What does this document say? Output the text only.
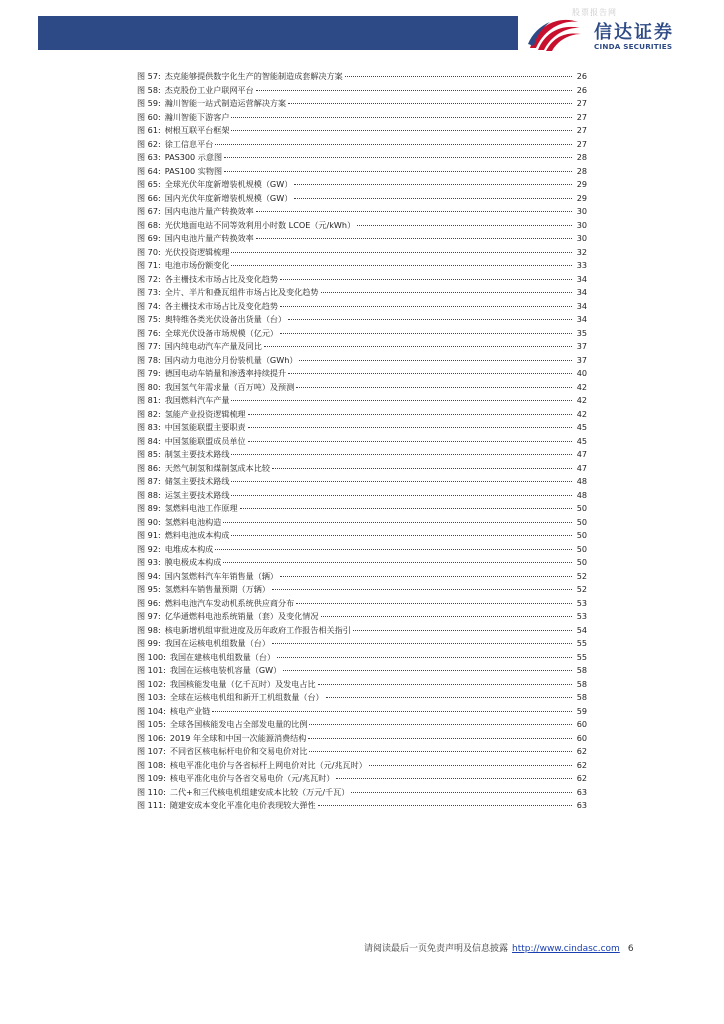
股票报告网
信达证券
CINDA SECURITIES
图 57: 杰克能够提供数字化生产的智能制造成套解决方案	26
图 58: 杰克股份工业户联网平台	26
图 59: 瀚川智能一站式制造运营解决方案	27
图 60: 瀚川智能下游客户	27
图 61: 树根互联平台框架	27
图 62: 徐工信息平台	27
图 63: PAS300 示意图	28
图 64: PAS100 实物图	28
图 65: 全球光伏年度新增装机规模（GW）	29
图 66: 国内光伏年度新增装机规模（GW）	29
图 67: 国内电池片量产转换效率	30
图 68: 光伏地面电站不同等效利用小时数 LCOE（元/kWh）	30
图 69: 国内电池片量产转换效率	30
图 70: 光伏投资逻辑梳理	32
图 71: 电池市场份额变化	33
图 72: 各主栅技术市场占比及变化趋势	34
图 73: 全片、半片和叠瓦组件市场占比及变化趋势	34
图 74: 各主栅技术市场占比及变化趋势	34
图 75: 奥特维各类光伏设备出货量（台）	34
图 76: 全球光伏设备市场规模（亿元）	35
图 77: 国内纯电动汽车产量及同比	37
图 78: 国内动力电池分月份装机量（GWh）	37
图 79: 德国电动车销量和渗透率持续提升	40
图 80: 我国氢气年需求量（百万吨）及预测	42
图 81: 我国燃料汽车产量	42
图 82: 氢能产业投资逻辑梳理	42
图 83: 中国氢能联盟主要职责	45
图 84: 中国氢能联盟成员单位	45
图 85: 制氢主要技术路线	47
图 86: 天然气制氢和煤制氢成本比较	47
图 87: 储氢主要技术路线	48
图 88: 运氢主要技术路线	48
图 89: 氢燃料电池工作原理	50
图 90: 氢燃料电池构造	50
图 91: 燃料电池成本构成	50
图 92: 电堆成本构成	50
图 93: 膜电极成本构成	50
图 94: 国内氢燃料汽车年销售量（辆）	52
图 95: 氢燃料车销售量预期（万辆）	52
图 96: 燃料电池汽车发动机系统供应商分布	53
图 97: 亿华通燃料电池系统销量（套）及变化情况	53
图 98: 核电新增机组审批进度及历年政府工作报告相关指引	54
图 99: 我国在运核电机组数量（台）	55
图 100: 我国在建核电机组数量（台）	55
图 101: 我国在运核电装机容量（GW）	58
图 102: 我国核能发电量（亿千瓦时）及发电占比	58
图 103: 全球在运核电机组和新开工机组数量（台）	58
图 104: 核电产业链	59
图 105: 全球各国核能发电占全部发电量的比例	60
图 106: 2019 年全球和中国一次能源消费结构	60
图 107: 不同省区核电标杆电价和交易电价对比	62
图 108: 核电平准化电价与各省标杆上网电价对比（元/兆瓦时）	62
图 109: 核电平准化电价与各省交易电价（元/兆瓦时）	62
图 110: 二代+和三代核电机组建安成本比较（万元/千瓦）	63
图 111: 随建安成本变化平准化电价表现较大弹性	63
请阅读最后一页免责声明及信息披露 http://www.cindasc.com 6
